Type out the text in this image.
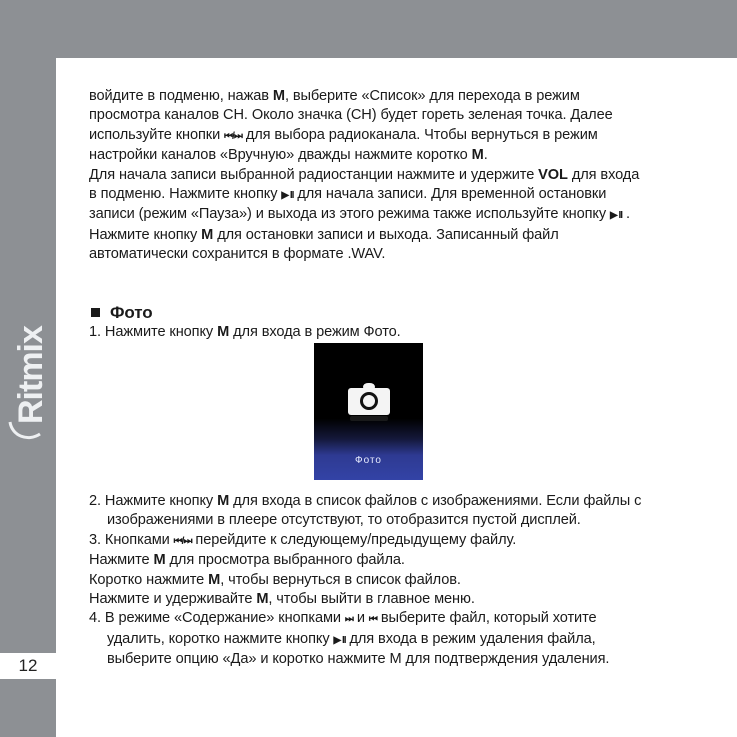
Ritmix
12

войдите в подменю, нажав M, выберите «Список» для перехода в режим

просмотра каналов CH. Около значка (CH) будет гореть зеленая точка. Далее

используйте кнопки ⏮/⏭ для выбора радиоканала. Чтобы вернуться в режим

настройки каналов «Вручную» дважды нажмите коротко M.

Для начала записи выбранной радиостанции нажмите и удержите VOL для входа

в подменю. Нажмите кнопку ▶ II для начала записи. Для временной остановки

записи (режим «Пауза») и выхода из этого режима также используйте кнопку ▶ II .

Нажмите кнопку M для остановки записи и выхода. Записанный файл

автоматически сохранится в формате .WAV.

Фото

1. Нажмите кнопку M для входа в режим Фото.

Фото

2. Нажмите кнопку M для входа в список файлов с изображениями. Если файлы с

изображениями в плеере отсутствуют, то отобразится пустой дисплей.

3. Кнопками ⏮/⏭ перейдите к следующему/предыдущему файлу.

Нажмите M для просмотра выбранного файла.

Коротко нажмите M, чтобы вернуться в список файлов.

Нажмите и удерживайте M, чтобы выйти в главное меню.

4. В режиме «Содержание» кнопками ⏭ и ⏮ выберите файл, который хотите

удалить, коротко нажмите кнопку ▶ II для входа в режим удаления файла,

выберите опцию «Да» и коротко нажмите М для подтверждения удаления.
